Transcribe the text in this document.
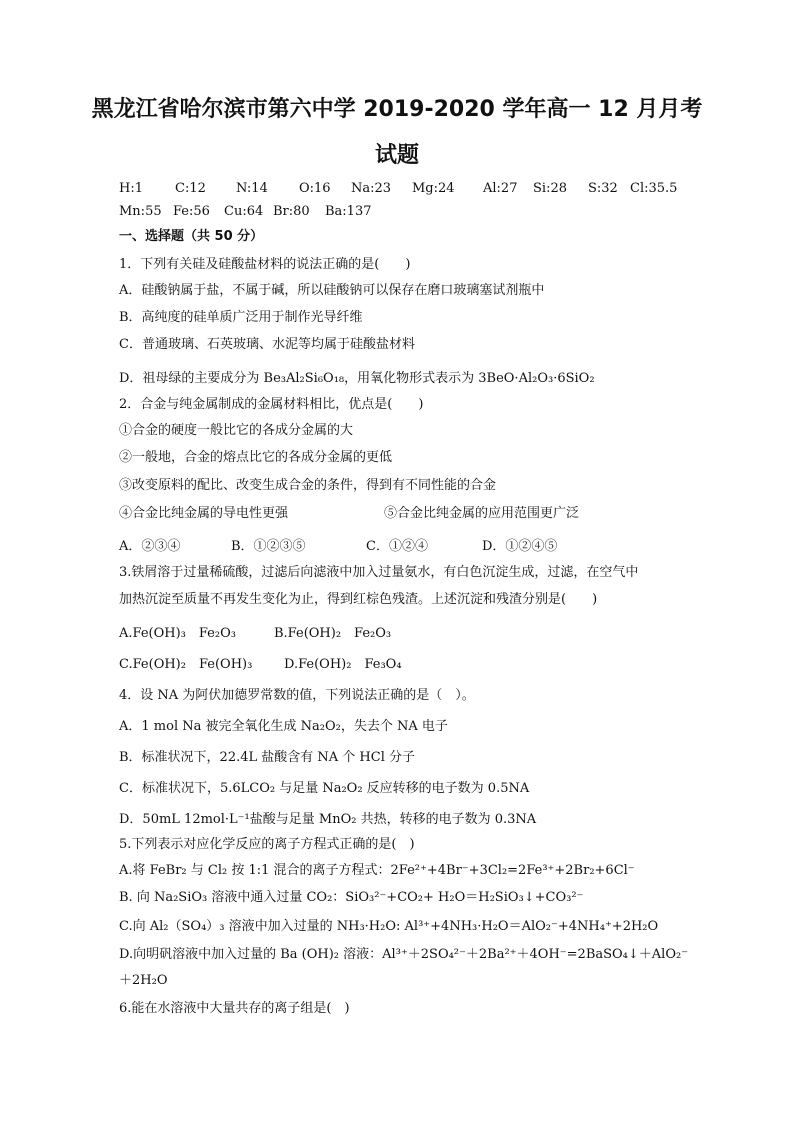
黑龙江省哈尔滨市第六中学 2019-2020 学年高一 12 月月考
试题
H:1 C:12 N:14 O:16 Na:23 Mg:24 Al:27 Si:28 S:32 Cl:35.5
Mn:55 Fe:56 Cu:64 Br:80 Ba:137
一、选择题（共 50 分）
1．下列有关硅及硅酸盐材料的说法正确的是(　　)
A．硅酸钠属于盐，不属于碱，所以硅酸钠可以保存在磨口玻璃塞试剂瓶中
B．高纯度的硅单质广泛用于制作光导纤维
C．普通玻璃、石英玻璃、水泥等均属于硅酸盐材料
D．祖母绿的主要成分为 Be₃Al₂Si₆O₁₈，用氧化物形式表示为 3BeO·Al₂O₃·6SiO₂
2．合金与纯金属制成的金属材料相比，优点是(　　)
①合金的硬度一般比它的各成分金属的大
②一般地，合金的熔点比它的各成分金属的更低
③改变原料的配比、改变生成合金的条件，得到有不同性能的合金
④合金比纯金属的导电性更强	⑤合金比纯金属的应用范围更广泛
A．②③④	B．①②③⑤	C．①②④	D．①②④⑤
3.铁屑溶于过量稀硫酸，过滤后向滤液中加入过量氨水，有白色沉淀生成，过滤，在空气中
加热沉淀至质量不再发生变化为止，得到红棕色残渣。上述沉淀和残渣分别是(　　)
A.Fe(OH)₃　Fe₂O₃	B.Fe(OH)₂　Fe₂O₃
C.Fe(OH)₂　Fe(OH)₃ D.Fe(OH)₂　Fe₃O₄
4．设 NA 为阿伏加德罗常数的值，下列说法正确的是（　）。
A．1 mol Na 被完全氧化生成 Na₂O₂，失去个 NA 电子
B．标准状况下，22.4L 盐酸含有 NA 个 HCl 分子
C．标准状况下，5.6LCO₂ 与足量 Na₂O₂ 反应转移的电子数为 0.5NA
D．50mL 12mol·L⁻¹盐酸与足量 MnO₂ 共热，转移的电子数为 0.3NA
5.下列表示对应化学反应的离子方程式正确的是(　)
A.将 FeBr₂ 与 Cl₂ 按 1:1 混合的离子方程式：2Fe²⁺+4Br⁻+3Cl₂=2Fe³⁺+2Br₂+6Cl⁻
B. 向 Na₂SiO₃ 溶液中通入过量 CO₂：SiO₃²⁻+CO₂+ H₂O＝H₂SiO₃↓+CO₃²⁻
C.向 Al₂（SO₄）₃ 溶液中加入过量的 NH₃·H₂O: Al³⁺+4NH₃·H₂O＝AlO₂⁻+4NH₄⁺+2H₂O
D.向明矾溶液中加入过量的 Ba (OH)₂ 溶液：Al³⁺＋2SO₄²⁻＋2Ba²⁺＋4OH⁻=2BaSO₄↓＋AlO₂⁻
＋2H₂O
6.能在水溶液中大量共存的离子组是(　)
